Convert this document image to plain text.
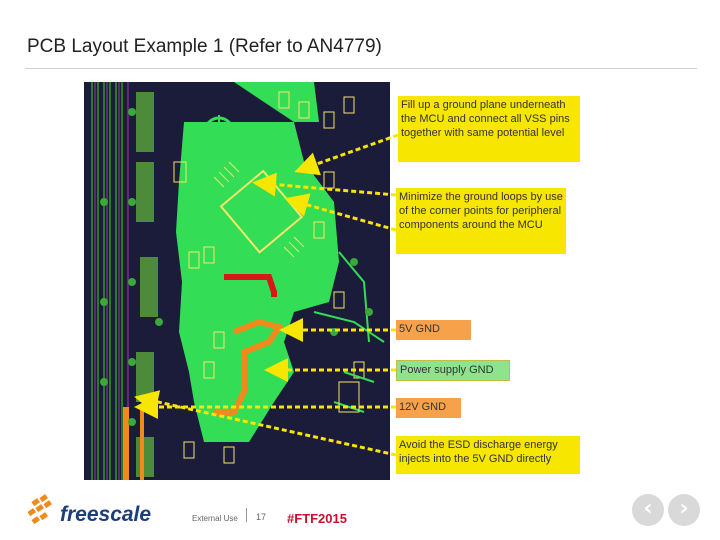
PCB Layout Example 1 (Refer to AN4779)
Fill up a ground plane underneath the MCU and connect all VSS pins together with same potential level
Minimize the ground loops by use of the corner points for peripheral components around the MCU
5V GND
Power supply GND
12V GND
Avoid the ESD discharge energy injects into the 5V GND directly
freescale	External Use 17 #FTF2015	‹	›
